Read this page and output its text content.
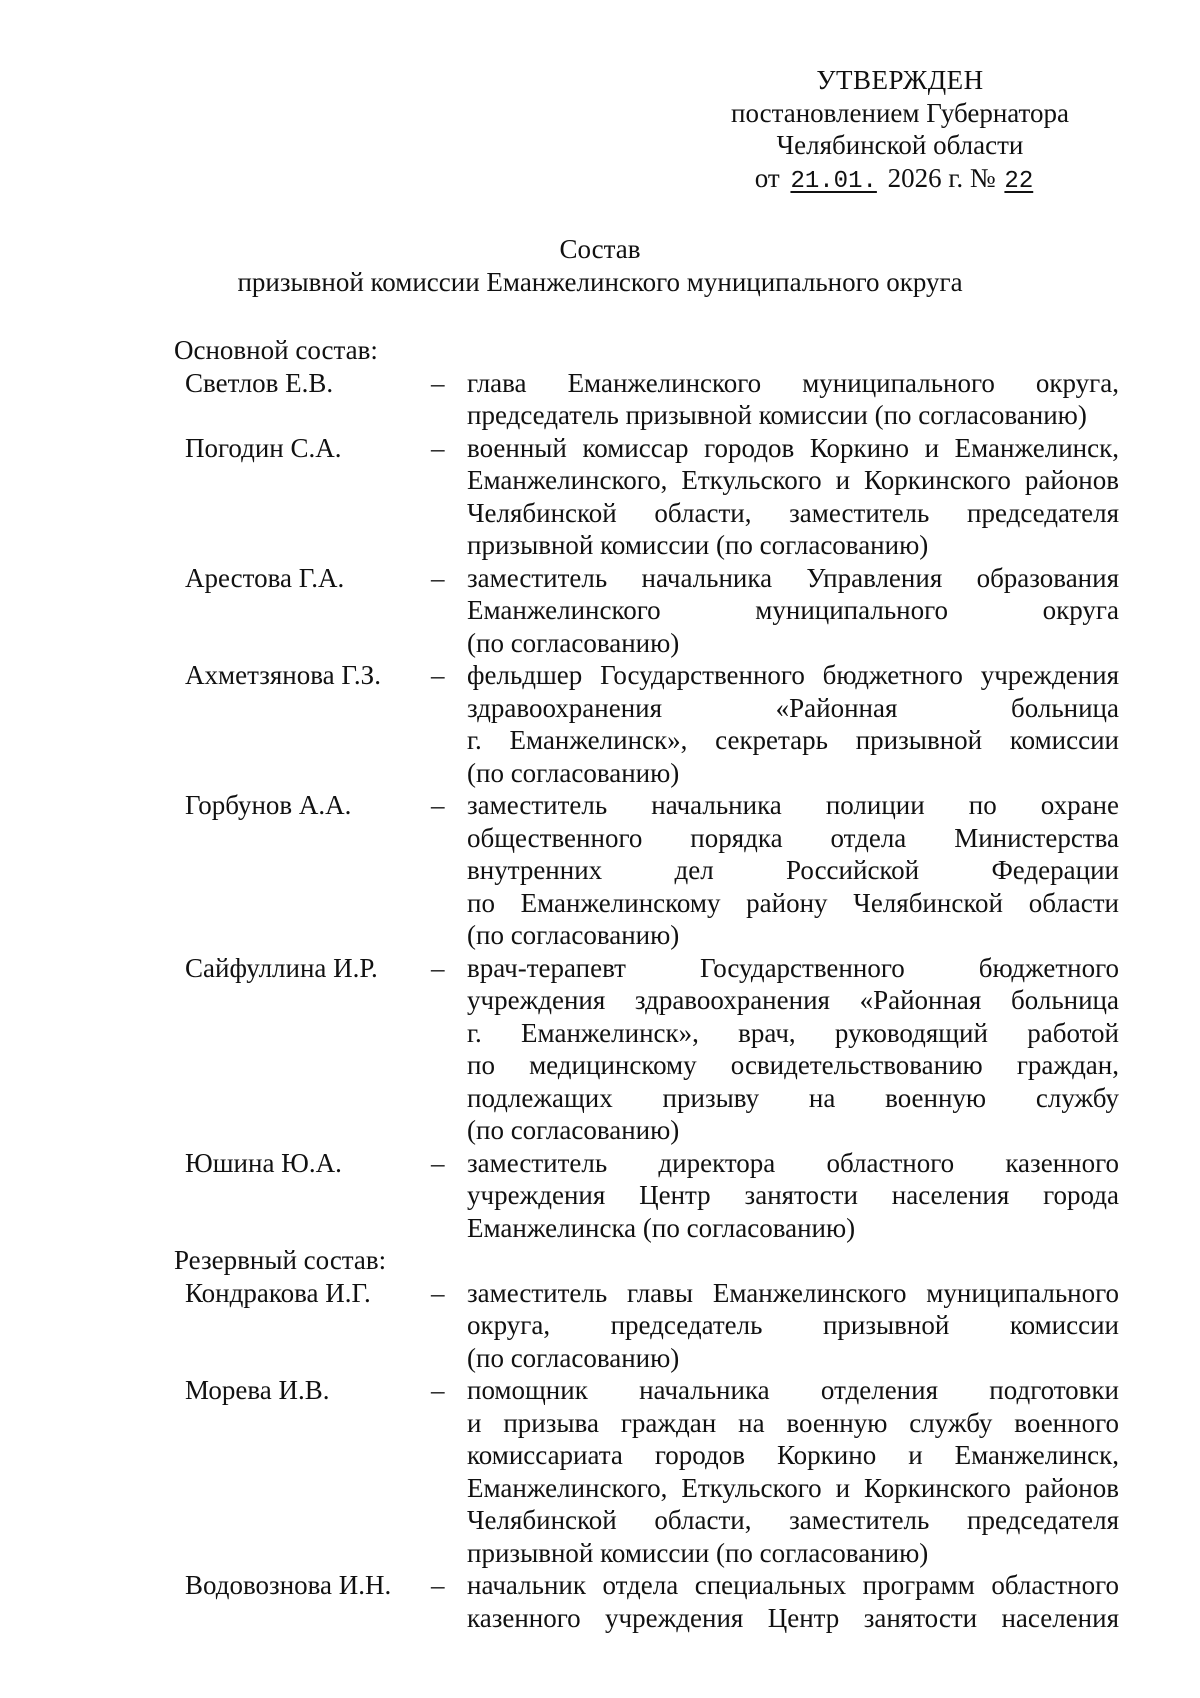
УТВЕРЖДЕН
постановлением Губернатора
Челябинской области
от 21.01. 2026 г. № 22
Состав
призывной комиссии Еманжелинского муниципального округа
Основной состав:
Светлов Е.В.	– глава Еманжелинского муниципального округа,
председатель призывной комиссии (по согласованию)
Погодин С.А.	– военный комиссар городов Коркино и Еманжелинск,
Еманжелинского, Еткульского и Коркинского районов
Челябинской области, заместитель председателя
призывной комиссии (по согласованию)
Арестова Г.А.	– заместитель начальника Управления образования
Еманжелинского муниципального округа
(по согласованию)
Ахметзянова Г.З.	– фельдшер Государственного бюджетного учреждения
здравоохранения «Районная больница
г. Еманжелинск», секретарь призывной комиссии
(по согласованию)
Горбунов А.А.	– заместитель начальника полиции по охране
общественного порядка отдела Министерства
внутренних дел Российской Федерации
по Еманжелинскому району Челябинской области
(по согласованию)
Сайфуллина И.Р.	– врач-терапевт Государственного бюджетного
учреждения здравоохранения «Районная больница
г. Еманжелинск», врач, руководящий работой
по медицинскому освидетельствованию граждан,
подлежащих призыву на военную службу
(по согласованию)
Юшина Ю.А.	– заместитель директора областного казенного
учреждения Центр занятости населения города
Еманжелинска (по согласованию)
Резервный состав:
Кондракова И.Г.	– заместитель главы Еманжелинского муниципального
округа, председатель призывной комиссии
(по согласованию)
Морева И.В.	– помощник начальника отделения подготовки
и призыва граждан на военную службу военного
комиссариата городов Коркино и Еманжелинск,
Еманжелинского, Еткульского и Коркинского районов
Челябинской области, заместитель председателя
призывной комиссии (по согласованию)
Водовознова И.Н.	– начальник отдела специальных программ областного
казенного учреждения Центр занятости населения
